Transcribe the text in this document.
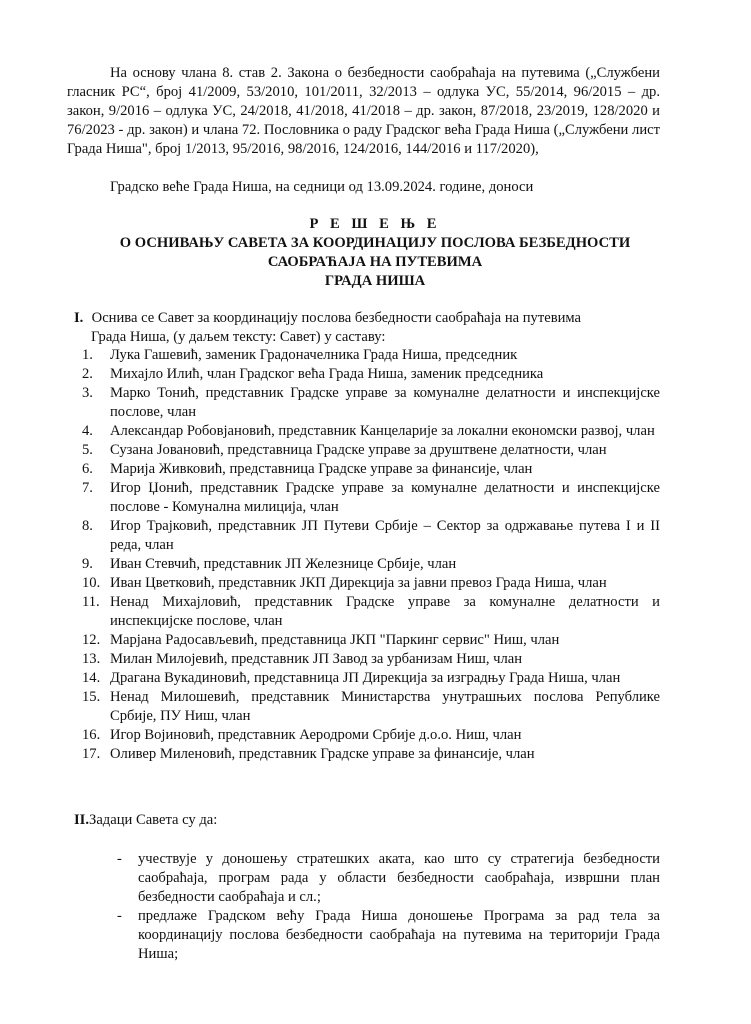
На основу члана 8. став 2. Закона о безбедности саобраћаја на путевима („Службени гласник РС“, број 41/2009, 53/2010, 101/2011, 32/2013 – одлука УС, 55/2014, 96/2015 – др. закон, 9/2016 – одлука УС, 24/2018, 41/2018, 41/2018 – др. закон, 87/2018, 23/2019, 128/2020 и 76/2023 - др. закон) и члана 72. Пословника о раду Градског већа Града Ниша („Службени лист Града Ниша", број 1/2013, 95/2016, 98/2016, 124/2016, 144/2016 и 117/2020),

Градско веће Града Ниша, на седници од 13.09.2024. године, доноси

Р Е Ш Е Њ Е
О ОСНИВАЊУ САВЕТА ЗА КООРДИНАЦИЈУ ПОСЛОВА БЕЗБЕДНОСТИ
САОБРАЋАЈА НА ПУТЕВИМА
ГРАДА НИША

I. Оснива се Савет за координацију послова безбедности саобраћаја на путевима
Града Ниша, (у даљем тексту: Савет) у саставу:

1.	Лука Гашевић, заменик Градоначелника Града Ниша, председник
2.	Михајло Илић, члан Градског већа Града Ниша, заменик председника
3.	Марко Тонић, представник Градске управе за комуналне делатности и инспекцијске послове, члан
4.	Александар Робовјановић, представник Канцеларије за локални економски развој, члан
5.	Сузана Јовановић, представница Градске управе за друштвене делатности, члан
6.	Марија Живковић, представница Градске управе за финансије, члан
7.	Игор Џонић, представник Градске управе за комуналне делатности и инспекцијске послове - Комунална милиција, члан
8.	Игор Трајковић, представник ЈП Путеви Србије – Сектор за одржавање путева I и II реда, члан
9.	Иван Стевчић, представник ЈП Железнице Србије, члан
10. Иван Цветковић, представник ЈКП Дирекција за јавни превоз Града Ниша, члан
11. Ненад Михајловић, представник Градске управе за комуналне делатности и инспекцијске послове, члан
12. Марјана Радосављевић, представница ЈКП "Паркинг сервис" Ниш, члан
13. Милан Милојевић, представник ЈП Завод за урбанизам Ниш, члан
14. Драгана Вукадиновић, представница ЈП Дирекција за изградњу Града Ниша, члан
15. Ненад Милошевић, представник Министарства унутрашњих послова Републике Србије, ПУ Ниш, члан
16. Игор Војиновић, представник Аеродроми Србије д.о.о. Ниш, члан
17. Оливер Миленовић, представник Градске управе за финансије, члан

II.Задаци Савета су да:

- учествује у доношењу стратешких аката, као што су стратегија безбедности саобраћаја, програм рада у области безбедности саобраћаја, извршни план безбедности саобраћаја и сл.;
- предлаже Градском већу Града Ниша доношење Програма за рад тела за координацију послова безбедности саобраћаја на путевима на територији Града Ниша;
